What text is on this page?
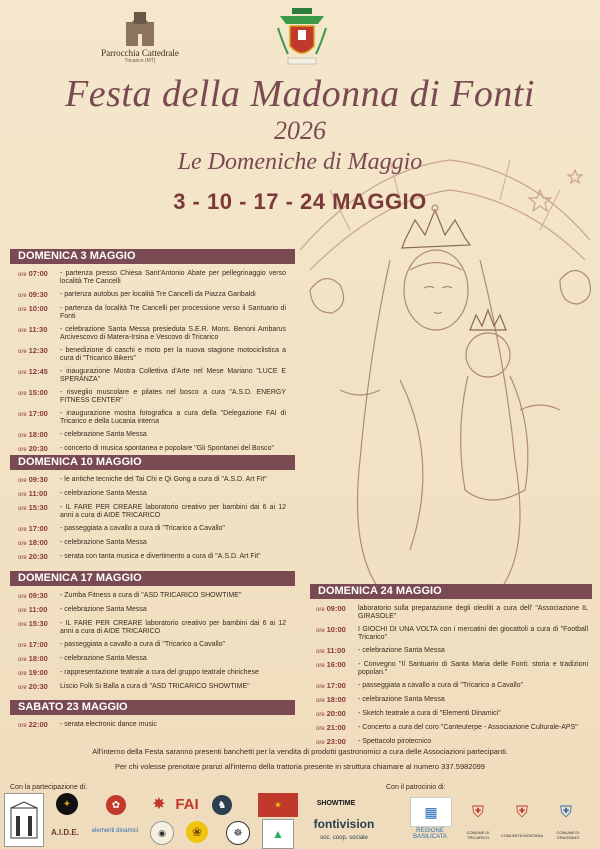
Parrocchia Cattedrale
Tricarico (MT)
Festa della Madonna di Fonti
2026
Le Domeniche di Maggio
3 - 10 - 17 - 24 MAGGIO
DOMENICA 3 MAGGIO
ore 07:00	- partenza presso Chiesa Sant'Antonio Abate per pellegrinaggio verso località Tre Cancelli
ore 09:30	- partenza autobus per località Tre Cancelli da Piazza Garibaldi
ore 10:00	- partenza da località Tre Cancelli per processione verso il Santuario di Fonti
ore 11:30	- celebrazione Santa Messa presieduta S.E.R. Mons. Benoni Ambarus Arcivescovo di Matera-Irsina e Vescovo di Tricarico
ore 12:30	- benedizione di caschi e moto per la nuova stagione motociclistica a cura di "Tricarico Bikers"
ore 12:45	- inaugurazione Mostra Collettiva d'Arte nel Mese Mariano "LUCE E SPERANZA"
ore 15:00	- risveglio muscolare e pilates nel bosco a cura "A.S.D. ENERGY FITNESS CENTER"
ore 17:00	- inaugurazione mostra fotografica a cura della "Delegazione FAI di Tricarico e della Lucania interna
ore 18:00	- celebrazione Santa Messa
ore 20:30	- concerto di musica spontanea e popolare "Gli Spontanei del Bosco"
DOMENICA 10 MAGGIO
ore 09:30	- le antiche tecniche del Tai Chi e Qi Gong a cura di "A.S.D. Art Fit"
ore 11:00	- celebrazione Santa Messa
ore 15:30	- IL FARE PER CREARE laboratorio creativo per bambini dai 6 ai 12 anni a cura di AIDE TRICARICO
ore 17:00	- passeggiata a cavallo a cura di "Tricarico a Cavallo"
ore 18:00	- celebrazione Santa Messa
ore 20:30	- serata con tanta musica e divertimento a cura di "A.S.D. Art Fit"
DOMENICA 17 MAGGIO
ore 09:30	- Zumba Fitness a cura di "ASD TRICARICO SHOWTIME"
ore 11:00	- celebrazione Santa Messa
ore 15:30	- IL FARE PER CREARE laboratorio creativo per bambini dai 6 ai 12 anni a cura di AIDE TRICARICO
ore 17:00	- passeggiata a cavallo a cura di "Tricarico a Cavallo"
ore 18:00	- celebrazione Santa Messa
ore 19:00	- rappresentazione teatrale a cura del gruppo teatrale chirichese
ore 20:30	Liscio Folk Si Balla a cura di "ASD TRICARICO SHOWTIME"
SABATO 23 MAGGIO
ore 22:00	- serata electronic dance music
DOMENICA 24 MAGGIO
ore 09:00	laboratorio sulla preparazione degli oleoliti a cura dell' "Associazione IL GIRASOLE"
ore 10:00	I GIOCHI DI UNA VOLTA con i mercatini dei giocattoli a cura di "Football Tricarico"
ore 11:00	- celebrazione Santa Messa
ore 16:00	- Convegno "Il Santuario di Santa Maria delle Fonti: storia e tradizioni popolari."
ore 17:00	- passeggiata a cavallo a cura di "Tricarico a Cavallo"
ore 18:00	- celebrazione Santa Messa
ore 20:00	- Sketch teatrale a cura di "Elementi Dinamici"
ore 21:00	- Concerto a cura del coro "Canteuterpe - Associazione Culturale-APS"
ore 23:00	- Spettacolo pirotecnico
All'interno della Festa saranno presenti banchetti per la vendita di prodotti gastronomici a cura delle Associazioni partecipanti.
Per chi volesse prenotare pranzi all'interno della trattoria presente in struttura chiamare al numero 337.5982099
Con la partecipazione di:	Con il patrocinio di:
✦
A.I.D.E.
✿
elementi dinamici
✸ FAI
◉ ❀
♞
☸
★
▲
SHOWTIME
fontivision
soc. coop. sociale
▦
REGIONE BASILICATA
⛨
COMUNE DI TRICARICO
⛨
COMUNITÀ MONTANA
⛨
COMUNE DI GRASSANO
